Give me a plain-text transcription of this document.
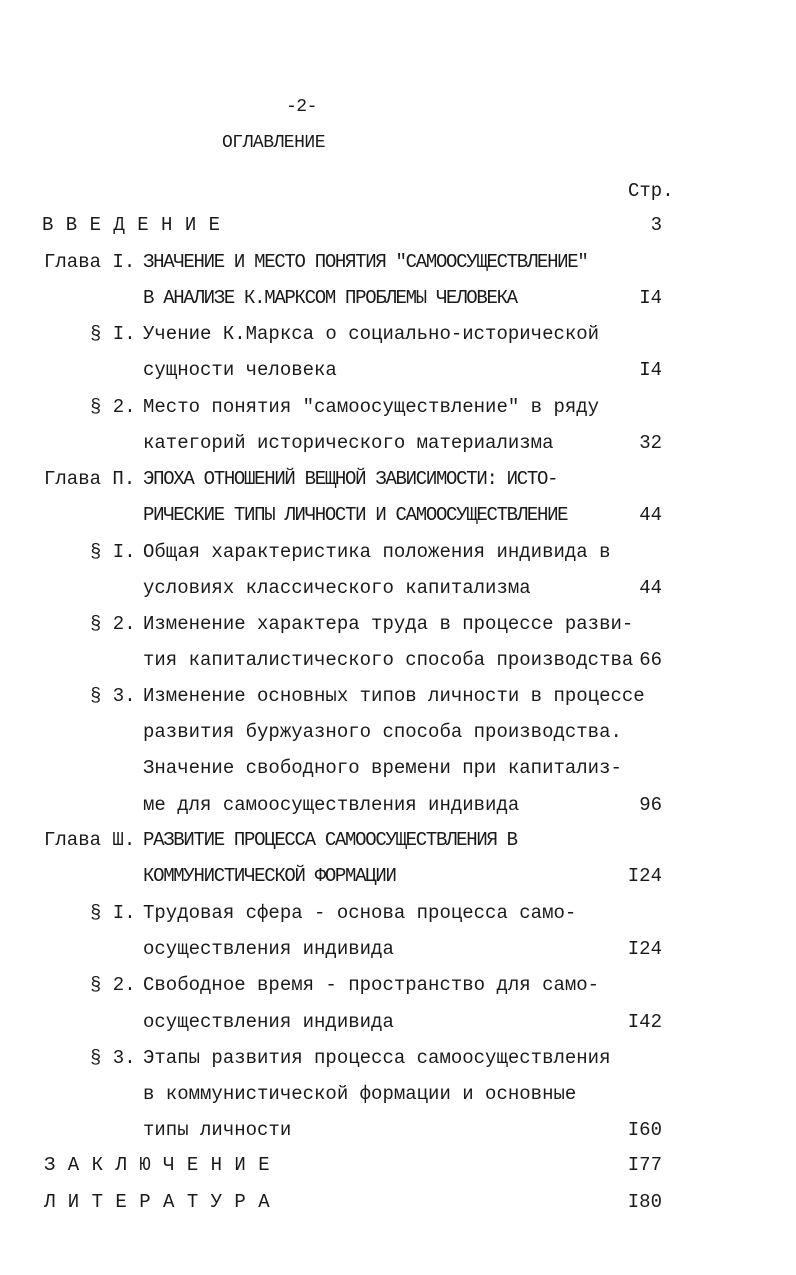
-2-
ОГЛАВЛЕНИЕ
Стр.
В В Е Д Е Н И Е	3
Глава I. ЗНАЧЕНИЕ И МЕСТО ПОНЯТИЯ "САМООСУЩЕСТВЛЕНИЕ"
В АНАЛИЗЕ К.МАРКСОМ ПРОБЛЕМЫ ЧЕЛОВЕКА	I4
§ I. Учение К.Маркса о социально-исторической
сущности человека	I4
§ 2. Место понятия "самоосуществление" в ряду
категорий исторического материализма	32
Глава П. ЭПОХА ОТНОШЕНИЙ ВЕЩНОЙ ЗАВИСИМОСТИ: ИСТО-
РИЧЕСКИЕ ТИПЫ ЛИЧНОСТИ И САМООСУЩЕСТВЛЕНИЕ	44
§ I. Общая характеристика положения индивида в
условиях классического капитализма	44
§ 2. Изменение характера труда в процессе разви-
тия капиталистического способа производства 66
§ 3. Изменение основных типов личности в процессе
развития буржуазного способа производства.
Значение свободного времени при капитализ-
ме для самоосуществления индивида	96
Глава Ш. РАЗВИТИЕ ПРОЦЕССА САМООСУЩЕСТВЛЕНИЯ В
КОММУНИСТИЧЕСКОЙ ФОРМАЦИИ	I24
§ I. Трудовая сфера - основа процесса само-
осуществления индивида	I24
§ 2. Свободное время - пространство для само-
осуществления индивида	I42
§ 3. Этапы развития процесса самоосуществления
в коммунистической формации и основные
типы личности	I60
З А К Л Ю Ч Е Н И Е	I77
Л И Т Е Р А Т У Р А	I80
